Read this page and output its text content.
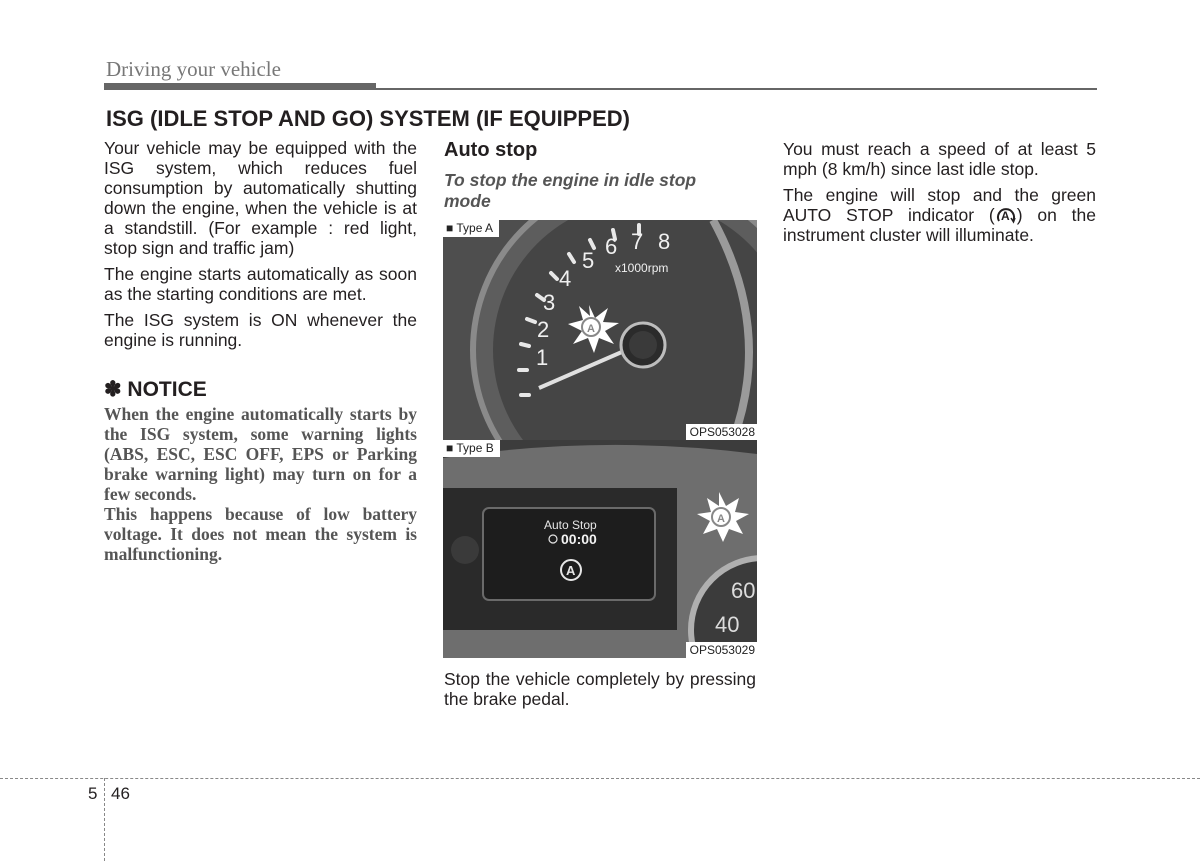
Driving your vehicle
ISG (IDLE STOP AND GO) SYSTEM (IF EQUIPPED)

Your vehicle may be equipped with the ISG system, which reduces fuel consumption by automatically shutting down the engine, when the vehicle is at a standstill. (For example : red light, stop sign and traffic jam)

The engine starts automatically as soon as the starting conditions are met.

The ISG system is ON whenever the engine is running.

✽ NOTICE

When the engine automatically starts by the ISG system, some warning lights (ABS, ESC, ESC OFF, EPS or Parking brake warning light) may turn on for a few seconds.

This happens because of low battery voltage. It does not mean the system is malfunctioning.

Auto stop

To stop the engine in idle stop mode

1
2
3
4
5
6 7 8
x1000rpm
A
■ Type A
OPS053028
Auto Stop
00:00
A
60
40
A
■ Type B
OPS053029

Stop the vehicle completely by pressing the brake pedal.

You must reach a speed of at least 5 mph (8 km/h) since last idle stop.

The engine will stop and the green AUTO STOP indicator ( A ) on the instrument cluster will illuminate.

5 46
